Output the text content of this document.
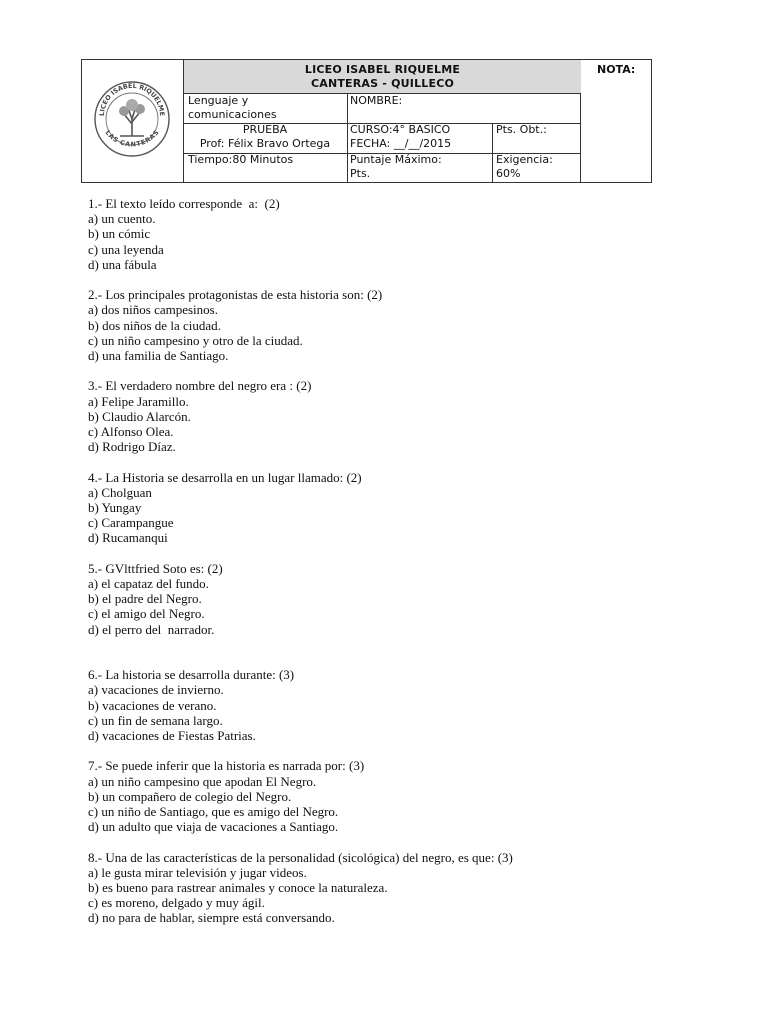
LICEO ISABEL RIQUELME
LAS CANTERAS
LICEO ISABEL RIQUELME
CANTERAS - QUILLECO
NOTA:
Lenguaje y
comunicaciones
NOMBRE:
PRUEBA
Prof: Félix Bravo Ortega
CURSO:4° BASICO
FECHA: __/__/2015
Pts. Obt.:
Tiempo:80 Minutos	Puntaje Máximo:
Pts.
Exigencia:
60%

1.- El texto leído corresponde  a:  (2)

a) un cuento.

b) un cómic

c) una leyenda

d) una fábula

2.- Los principales protagonistas de esta historia son: (2)

a) dos niños campesinos.

b) dos niños de la ciudad.

c) un niño campesino y otro de la ciudad.

d) una familia de Santiago.

3.- El verdadero nombre del negro era : (2)

a) Felipe Jaramillo.

b) Claudio Alarcón.

c) Alfonso Olea.

d) Rodrigo Díaz.

4.- La Historia se desarrolla en un lugar llamado: (2)

a) Cholguan

b) Yungay

c) Carampangue

d) Rucamanqui

5.- GVlttfried Soto es: (2)

a) el capataz del fundo.

b) el padre del Negro.

c) el amigo del Negro.

d) el perro del  narrador.

6.- La historia se desarrolla durante: (3)

a) vacaciones de invierno.

b) vacaciones de verano.

c) un fin de semana largo.

d) vacaciones de Fiestas Patrias.

7.- Se puede inferir que la historia es narrada por: (3)

a) un niño campesino que apodan El Negro.

b) un compañero de colegio del Negro.

c) un niño de Santiago, que es amigo del Negro.

d) un adulto que viaja de vacaciones a Santiago.

8.- Una de las características de la personalidad (sicológica) del negro, es que: (3)

a) le gusta mirar televisión y jugar videos.

b) es bueno para rastrear animales y conoce la naturaleza.

c) es moreno, delgado y muy ágil.

d) no para de hablar, siempre está conversando.
